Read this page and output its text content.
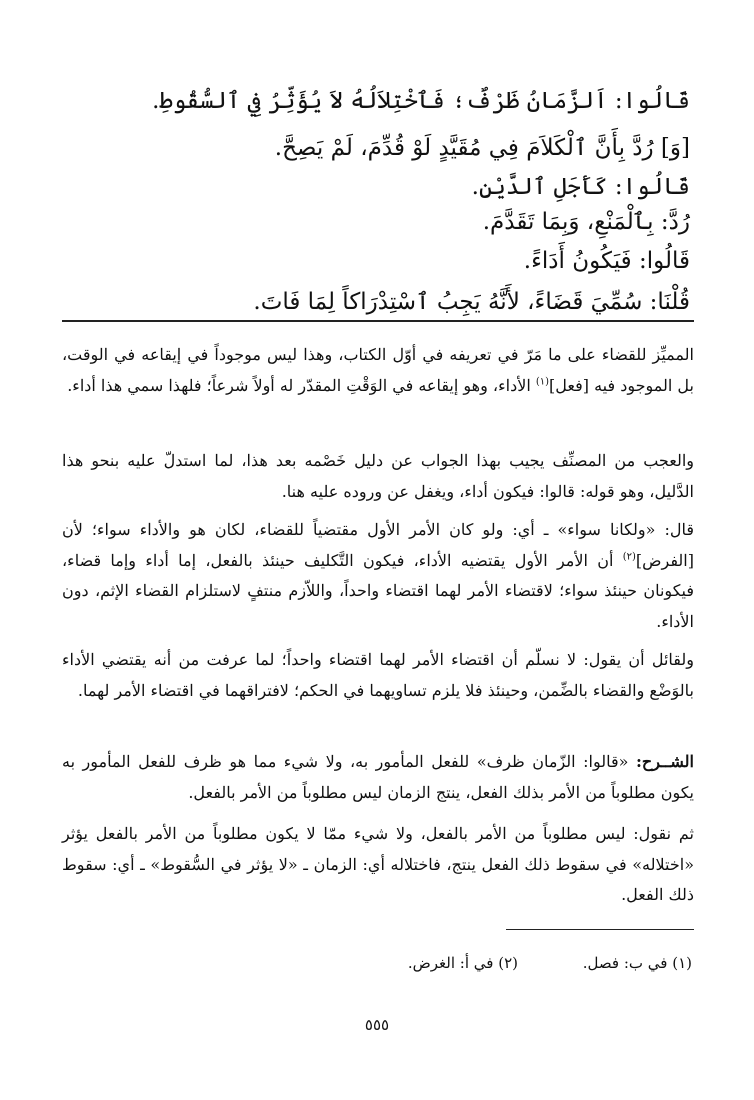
قَالُوا: اَلزَّمَانُ ظَرْفٌ؛ فَٱخْتِلاَلُهُ لاَ يُؤَثِّرُ فِي ٱلسُّقُوطِ.
[وَ] رُدَّ بِأَنَّ ٱلْكَلاَمَ فِي مُقَيَّدٍ لَوْ قُدِّمَ، لَمْ يَصِحَّ.
قَالُوا: كَأَجَلِ ٱلدَّيْنِ.
رُدَّ: بِٱلْمَنْعِ، وَبِمَا تَقَدَّمَ.
قَالُوا: فَيَكُونُ أَدَاءً.
قُلْنَا: سُمِّيَ قَضَاءً، لأَنَّهُ يَجِبُ ٱسْتِدْرَاكاً لِمَا فَاتَ.
المميِّز للقضاء على ما مَرّ في تعريفه في أوّل الكتاب، وهذا ليس موجوداً في إيقاعه في الوقت، بل الموجود فيه [فعل]$^{(١)}$ الأداء، وهو إيقاعه في الوَقْتِ المقدّر له أولاً شرعاً؛ فلهذا سمي هذا أداء.
والعجب من المصنِّف يجيب بهذا الجواب عن دليل خَصْمه بعد هذا، لما استدلّ عليه بنحو هذا الدَّليل، وهو قوله: قالوا: فيكون أداء، ويغفل عن وروده عليه هنا.
قال: «ولكانا سواء» ـ أي: ولو كان الأمر الأول مقتضياً للقضاء، لكان هو والأداء سواء؛ لأن [الفرض]$^{(٢)}$ أن الأمر الأول يقتضيه الأداء، فيكون التَّكليف حينئذ بالفعل، إما أداء وإما قضاء، فيكونان حينئذ سواء؛ لاقتضاء الأمر لهما اقتضاء واحداً، واللاّزم منتفٍ لاستلزام القضاء الإثم، دون الأداء.
ولقائل أن يقول: لا نسلّم أن اقتضاء الأمر لهما اقتضاء واحداً؛ لما عرفت من أنه يقتضي الأداء بالوَضْع والقضاء بالضِّمن، وحينئذ فلا يلزم تساويهما في الحكم؛ لافتراقهما في اقتضاء الأمر لهما.
الشــرح: «قالوا: الزّمان ظرف» للفعل المأمور به، ولا شيء مما هو ظرف للفعل المأمور به يكون مطلوباً من الأمر بذلك الفعل، ينتج الزمان ليس مطلوباً من الأمر بالفعل.
ثم نقول: ليس مطلوباً من الأمر بالفعل، ولا شيء ممّا لا يكون مطلوباً من الأمر بالفعل يؤثر «اختلاله» في سقوط ذلك الفعل ينتج، فاختلاله أي: الزمان ـ «لا يؤثر في السُّقوط» ـ أي: سقوط ذلك الفعل.
(١) في ب: فصل. (٢) في أ: الغرض.
٥٥٥
